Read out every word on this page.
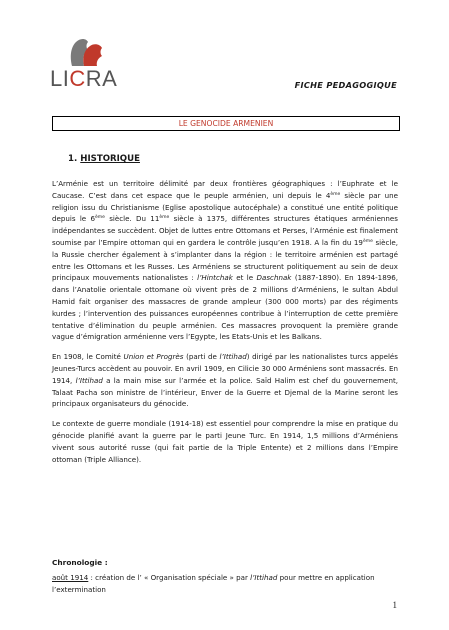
LICRA	FICHE PEDAGOGIQUE
LE GENOCIDE ARMENIEN
1. HISTORIQUE

L’Arménie est un territoire délimité par deux frontières géographiques : l’Euphrate et le Caucase. C’est dans cet espace que le peuple arménien, uni depuis le 4ème siècle par une religion issu du Christianisme (Eglise apostolique autocéphale) a constitué une entité politique depuis le 6ème siècle. Du 11ème siècle à 1375, différentes structures étatiques arméniennes indépendantes se succèdent. Objet de luttes entre Ottomans et Perses, l’Arménie est finalement soumise par l’Empire ottoman qui en gardera le contrôle jusqu’en 1918. A la fin du 19ème siècle, la Russie chercher également à s’implanter dans la région : le territoire arménien est partagé entre les Ottomans et les Russes. Les Arméniens se structurent politiquement au sein de deux principaux mouvements nationalistes : l’Hintchak et le Daschnak (1887-1890). En 1894-1896, dans l’Anatolie orientale ottomane où vivent près de 2 millions d’Arméniens, le sultan Abdul Hamid fait organiser des massacres de grande ampleur (300 000 morts) par des régiments kurdes ; l’intervention des puissances européennes contribue à l’interruption de cette première tentative d’élimination du peuple arménien. Ces massacres provoquent la première grande vague d’émigration arménienne vers l’Egypte, les Etats-Unis et les Balkans.

En 1908, le Comité Union et Progrès (parti de l’Ittihad) dirigé par les nationalistes turcs appelés Jeunes-Turcs accèdent au pouvoir. En avril 1909, en Cilicie 30 000 Arméniens sont massacrés. En 1914, l’Ittihad a la main mise sur l’armée et la police. Saïd Halim est chef du gouvernement, Talaat Pacha son ministre de l’intérieur, Enver de la Guerre et Djemal de la Marine seront les principaux organisateurs du génocide.

Le contexte de guerre mondiale (1914-18) est essentiel pour comprendre la mise en pratique du génocide planifié avant la guerre par le parti Jeune Turc. En 1914, 1,5 millions d’Arméniens vivent sous autorité russe (qui fait partie de la Triple Entente) et 2 millions dans l’Empire ottoman (Triple Alliance).

Chronologie :
août 1914 : création de l’ « Organisation spéciale » par l’Ittihad pour mettre en application l’extermination
1
